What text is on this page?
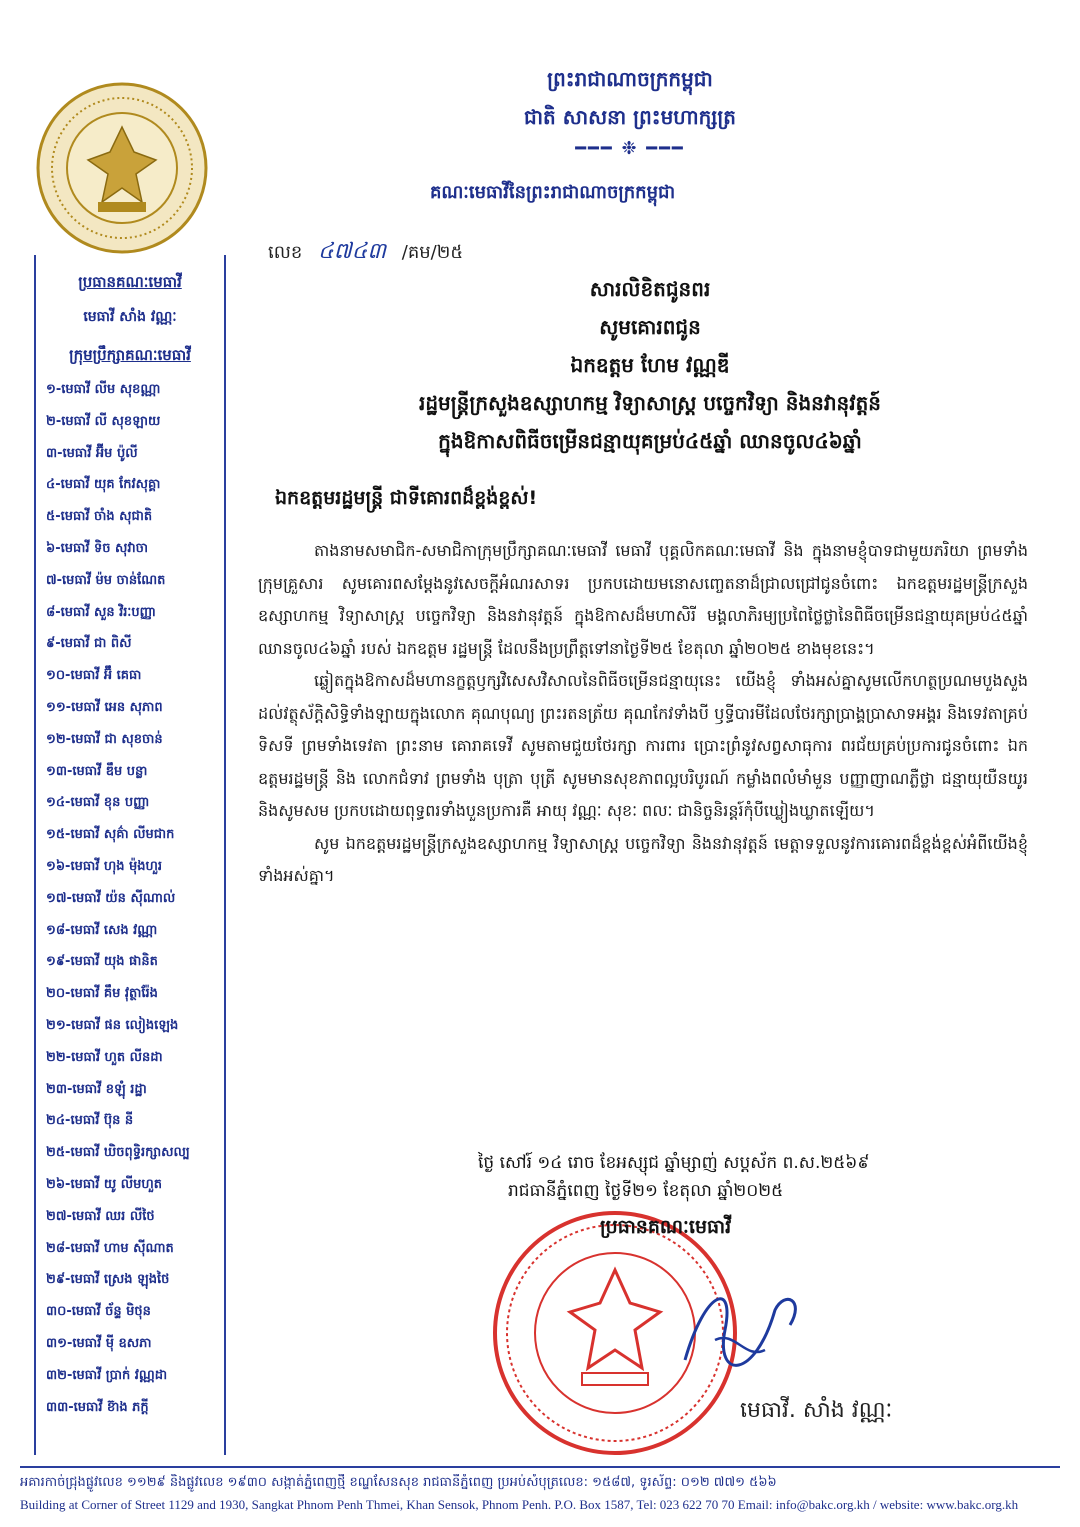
ប្រធានគណៈមេធាវី
មេធាវី សាំង វណ្ណៈ
ក្រុមប្រឹក្សាគណៈមេធាវី
១-មេធាវី លីម សុខណ្ណា
២-មេធាវី លី សុខឡាយ
៣-មេធាវី អ៊ីម ប៉ូលី
៤-មេធាវី យុគ កែវសុគ្គា
៥-មេធាវី ចាំង សុជាតិ
៦-មេធាវី ទិច សុវាចា
៧-មេធាវី ម៉ម ចាន់ណែត
៨-មេធាវី សួន វិរៈបញ្ញា
៩-មេធាវី ជា ពិសី
១០-មេធាវី អ៊ឹ គេធា
១១-មេធាវី អេន សុភាព
១២-មេធាវី ជា សុខចាន់
១៣-មេធាវី ឌឹម បន្លា
១៤-មេធាវី ខុន បញ្ញា
១៥-មេធាវី សុគ៌ា លីមជាក
១៦-មេធាវី ហុង ម៉ុងហួរ
១៧-មេធាវី យ៉ន ស៊ីណាល់
១៨-មេធាវី សេង វណ្ណា
១៩-មេធាវី យុង ផានិត
២០-មេធាវី គឹម វុត្ថារ៉ែង
២១-មេធាវី ផន លៀងឡេង
២២-មេធាវី ហួត លីនដា
២៣-មេធាវី ខឡុំ រដ្ឋា
២៤-មេធាវី ប៊ុន នី
២៥-មេធាវី ឃិចពុទ្ធិរក្សាសល្ប
២៦-មេធាវី យូ លីមហួត
២៧-មេធាវី ឈរ លីថៃ
២៨-មេធាវី ហាម ស៊ីណាត
២៩-មេធាវី ស្រេង ឡុងថៃ
៣០-មេធាវី ច័ន្ទ មិថុន
៣១-មេធាវី ម៉ី ឧសភា
៣២-មេធាវី ប្រាក់ វណ្ណដា
៣៣-មេធាវី ខ៊ាង ភក្តី
ព្រះរាជាណាចក្រកម្ពុជា
ជាតិ សាសនា ព្រះមហាក្សត្រ
━━━ ❉ ━━━
គណៈមេធាវីនៃព្រះរាជាណាចក្រកម្ពុជា
លេខ ៤៧៤៣ /គម/២៥
សារលិខិតជូនពរ
សូមគោរពជូន
ឯកឧត្តម ហែម វណ្ណឌី
រដ្ឋមន្ត្រីក្រសួងឧស្សាហកម្ម វិទ្យាសាស្ត្រ បច្ចេកវិទ្យា និងនវានុវត្តន៍
ក្នុងឱកាសពិធីចម្រើនជន្មាយុគម្រប់៤៥ឆ្នាំ ឈានចូល៤៦ឆ្នាំ
ឯកឧត្តមរដ្ឋមន្ត្រី ជាទីគោរពដ៏ខ្ពង់ខ្ពស់!

តាងនាមសមាជិក-សមាជិកាក្រុមប្រឹក្សាគណៈមេធាវី មេធាវី បុគ្គលិកគណៈមេធាវី និង ក្នុងនាមខ្ញុំបាទជាមួយភរិយា ព្រមទាំងក្រុមគ្រួសារ សូមគោរពសម្តែងនូវសេចក្តីអំណរសាទរ ប្រកបដោយមនោសញ្ចេតនាដ៏ជ្រាលជ្រៅជូនចំពោះ ឯកឧត្តមរដ្ឋមន្ត្រីក្រសួង ឧស្សាហកម្ម វិទ្យាសាស្ត្រ បច្ចេកវិទ្យា និងនវានុវត្តន៍ ក្នុងឱកាសដ៏មហាសិរី មង្គលាភិរម្យប្រពៃថ្លៃថ្លានៃពិធីចម្រើនជន្មាយុគម្រប់៤៥ឆ្នាំ ឈានចូល៤៦ឆ្នាំ របស់ ឯកឧត្តម រដ្ឋមន្ត្រី ដែលនឹងប្រព្រឹត្តទៅនាថ្ងៃទី២៥ ខែតុលា ឆ្នាំ២០២៥ ខាងមុខនេះ។

ឆ្លៀតក្នុងឱកាសដ៏មហានក្ខត្តឫក្សវិសេសវិសាលនៃពិធីចម្រើនជន្មាយុនេះ យើងខ្ញុំ ទាំងអស់គ្នាសូមលើកហត្ថប្រណមបួងសួងដល់វត្ថុស័ក្តិសិទ្ធិទាំងឡាយក្នុងលោក គុណបុណ្យ ព្រះរតនត្រ័យ គុណកែវទាំងបី ឫទ្ធីបារមីដែលថែរក្សាប្រាង្គប្រាសាទអង្គរ និងទេវតាគ្រប់ទិសទី ព្រមទាំងទេវតា ព្រះនាម គោរាគទេវី សូមតាមជួយថែរក្សា ការពារ ប្រោះព្រំនូវសព្វសាធុការ ពរជ័យគ្រប់ប្រការជូនចំពោះ ឯកឧត្តមរដ្ឋមន្ត្រី និង លោកជំទាវ ព្រមទាំង បុត្រា បុត្រី សូមមានសុខភាពល្អបរិបូរណ៍ កម្លាំងពលំមាំមួន បញ្ញាញាណភ្លឺថ្លា ជន្មាយុយឺនយូរ និងសូមសម ប្រកបដោយពុទ្ធពរទាំងបួនប្រការគឺ អាយុ វណ្ណៈ សុខៈ ពលៈ ជានិច្ចនិរន្តរ៍កុំបីឃ្លៀងឃ្លាតឡើយ។

សូម ឯកឧត្តមរដ្ឋមន្ត្រីក្រសួងឧស្សាហកម្ម វិទ្យាសាស្ត្រ បច្ចេកវិទ្យា និងនវានុវត្តន៍ មេត្តាទទួលនូវការគោរពដ៏ខ្ពង់ខ្ពស់អំពីយើងខ្ញុំទាំងអស់គ្នា។

ថ្ងៃ សៅរ៍ ១៤ រោច ខែអស្សុជ ឆ្នាំម្សាញ់ សប្តស័ក ព.ស.២៥៦៩
រាជធានីភ្នំពេញ ថ្ងៃទី២១ ខែតុលា ឆ្នាំ២០២៥
ប្រធានគណៈមេធាវី
មេធាវី. សាំង វណ្ណៈ
អគារកាច់ជ្រុងផ្លូវលេខ ១១២៩ និងផ្លូវលេខ ១៩៣០ សង្កាត់ភ្នំពេញថ្មី ខណ្ឌសែនសុខ រាជធានីភ្នំពេញ ប្រអប់សំបុត្រលេខ: ១៥៨៧, ទូរស័ព្ទ: ០១២ ៧៧១ ៥៦៦
Building at Corner of Street 1129 and 1930, Sangkat Phnom Penh Thmei, Khan Sensok, Phnom Penh. P.O. Box 1587, Tel: 023 622 70 70 Email: info@bakc.org.kh / website: www.bakc.org.kh
